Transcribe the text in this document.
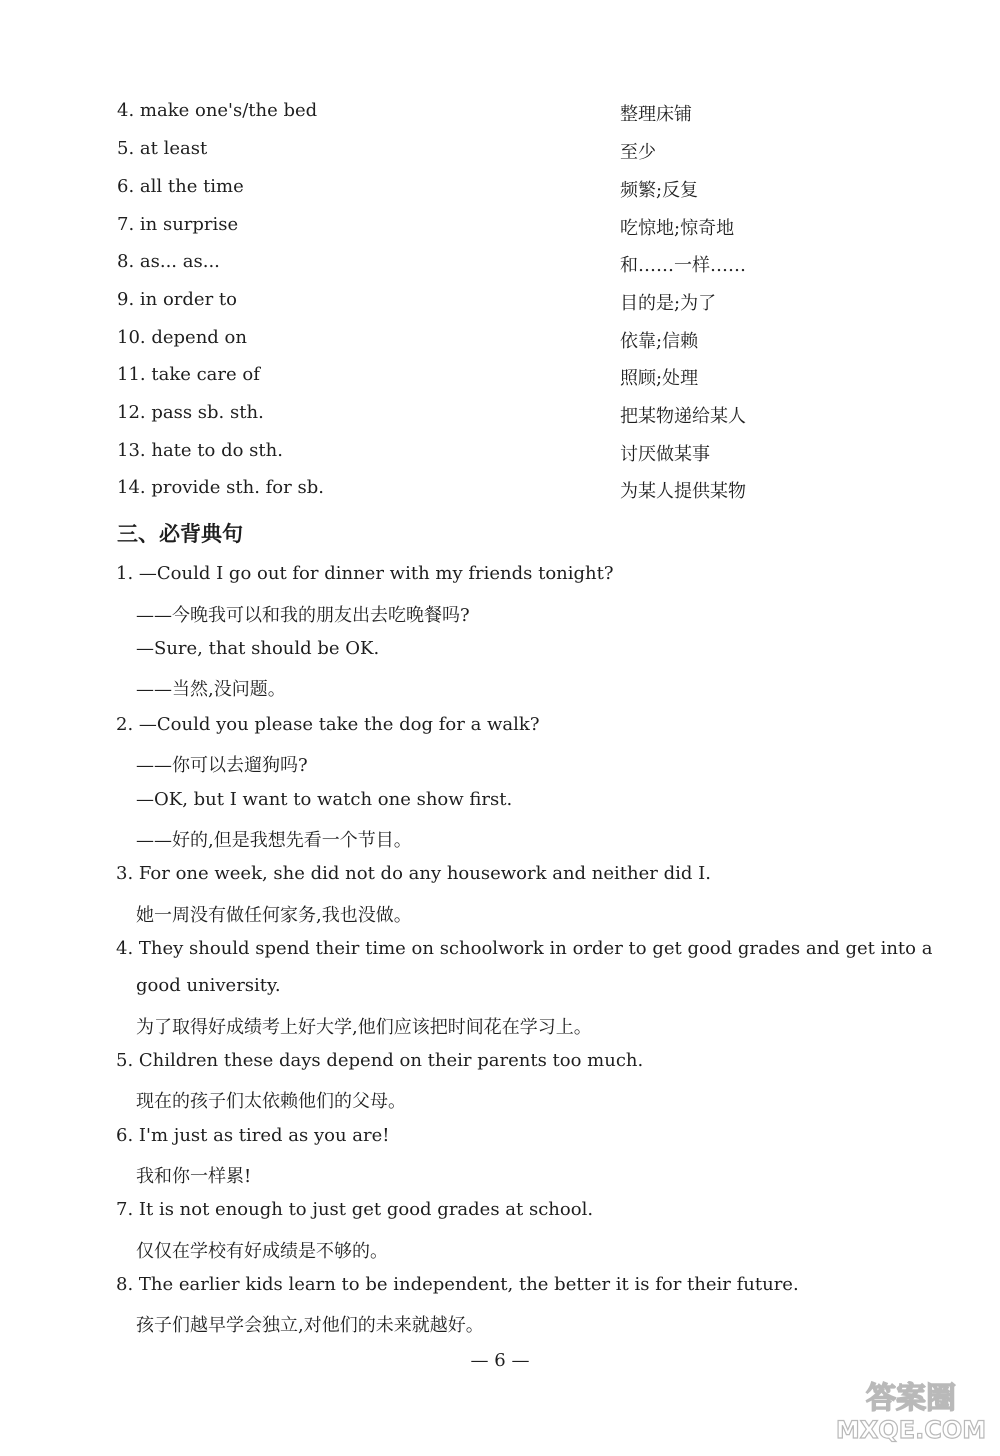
4. make one's/the bed	整理床铺
5. at least	至少
6. all the time	频繁;反复
7. in surprise	吃惊地;惊奇地
8. as... as...	和……一样……
9. in order to	目的是;为了
10. depend on	依靠;信赖
11. take care of	照顾;处理
12. pass sb. sth.	把某物递给某人
13. hate to do sth.	讨厌做某事
14. provide sth. for sb.	为某人提供某物
三、必背典句
1. —Could I go out for dinner with my friends tonight?
——今晚我可以和我的朋友出去吃晚餐吗?
—Sure, that should be OK.
——当然,没问题。
2. —Could you please take the dog for a walk?
——你可以去遛狗吗?
—OK, but I want to watch one show first.
——好的,但是我想先看一个节目。
3. For one week, she did not do any housework and neither did I.
她一周没有做任何家务,我也没做。
4. They should spend their time on schoolwork in order to get good grades and get into a
good university.
为了取得好成绩考上好大学,他们应该把时间花在学习上。
5. Children these days depend on their parents too much.
现在的孩子们太依赖他们的父母。
6. I'm just as tired as you are!
我和你一样累!
7. It is not enough to just get good grades at school.
仅仅在学校有好成绩是不够的。
8. The earlier kids learn to be independent, the better it is for their future.
孩子们越早学会独立,对他们的未来就越好。
— 6 —
答案圈
MXQE.COM
